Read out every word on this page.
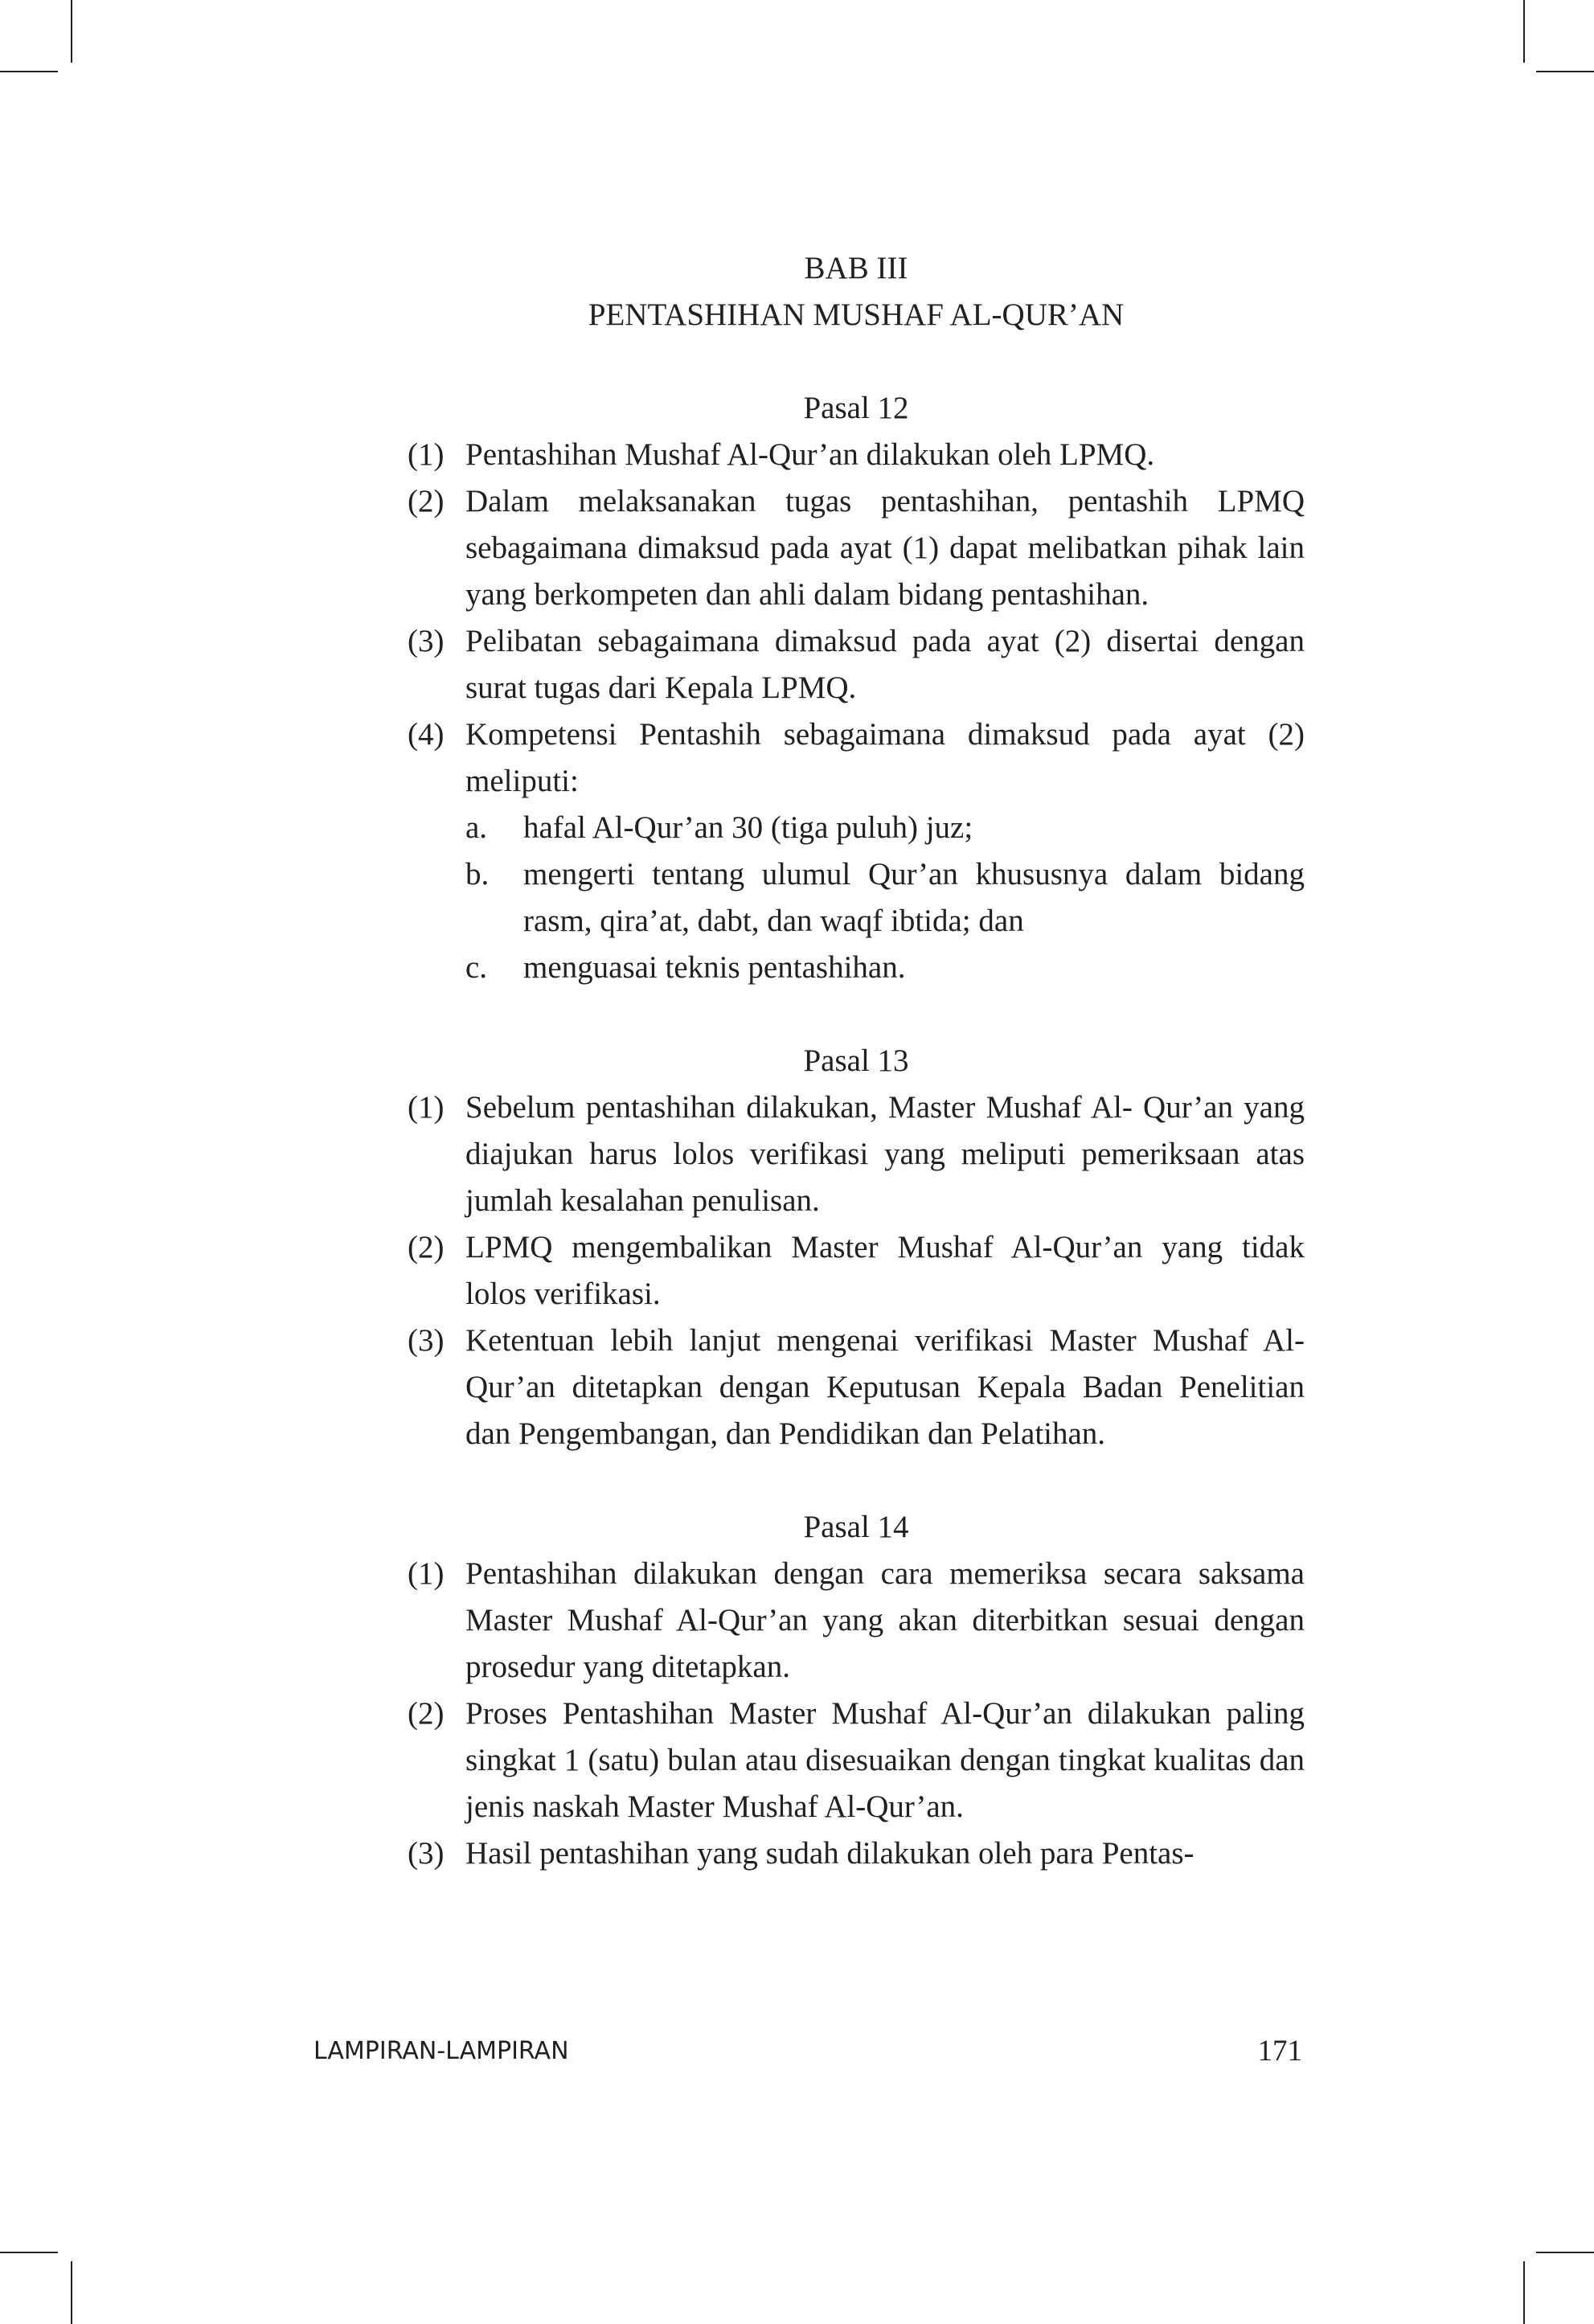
BAB III
PENTASHIHAN MUSHAF AL-QUR’AN
Pasal 12
(1) Pentashihan Mushaf Al-Qur’an dilakukan oleh LPMQ.
(2) Dalam melaksanakan tugas pentashihan, pentashih LPMQ sebagaimana dimaksud pada ayat (1) dapat melibatkan pihak lain yang berkompeten dan ahli dalam bidang pentashihan.
(3) Pelibatan sebagaimana dimaksud pada ayat (2) disertai dengan surat tugas dari Kepala LPMQ.
(4) Kompetensi Pentashih sebagaimana dimaksud pada ayat (2) meliputi:
a. hafal Al-Qur’an 30 (tiga puluh) juz;
b. mengerti tentang ulumul Qur’an khususnya dalam bidang rasm, qira’at, dabt, dan waqf ibtida; dan
c. menguasai teknis pentashihan.
Pasal 13
(1) Sebelum pentashihan dilakukan, Master Mushaf Al- Qur’an yang diajukan harus lolos verifikasi yang meliputi pemeriksaan atas jumlah kesalahan penulisan.
(2) LPMQ mengembalikan Master Mushaf Al-Qur’an yang tidak lolos verifikasi.
(3) Ketentuan lebih lanjut mengenai verifikasi Master Mushaf Al-Qur’an ditetapkan dengan Keputusan Kepala Badan Penelitian dan Pengembangan, dan Pendidikan dan Pelatihan.
Pasal 14
(1) Pentashihan dilakukan dengan cara memeriksa secara saksama Master Mushaf Al-Qur’an yang akan diterbitkan sesuai dengan prosedur yang ditetapkan.
(2) Proses Pentashihan Master Mushaf Al-Qur’an dilakukan paling singkat 1 (satu) bulan atau disesuaikan dengan tingkat kualitas dan jenis naskah Master Mushaf Al-Qur’an.
(3) Hasil pentashihan yang sudah dilakukan oleh para Pentas-
LAMPIRAN-LAMPIRAN	171
